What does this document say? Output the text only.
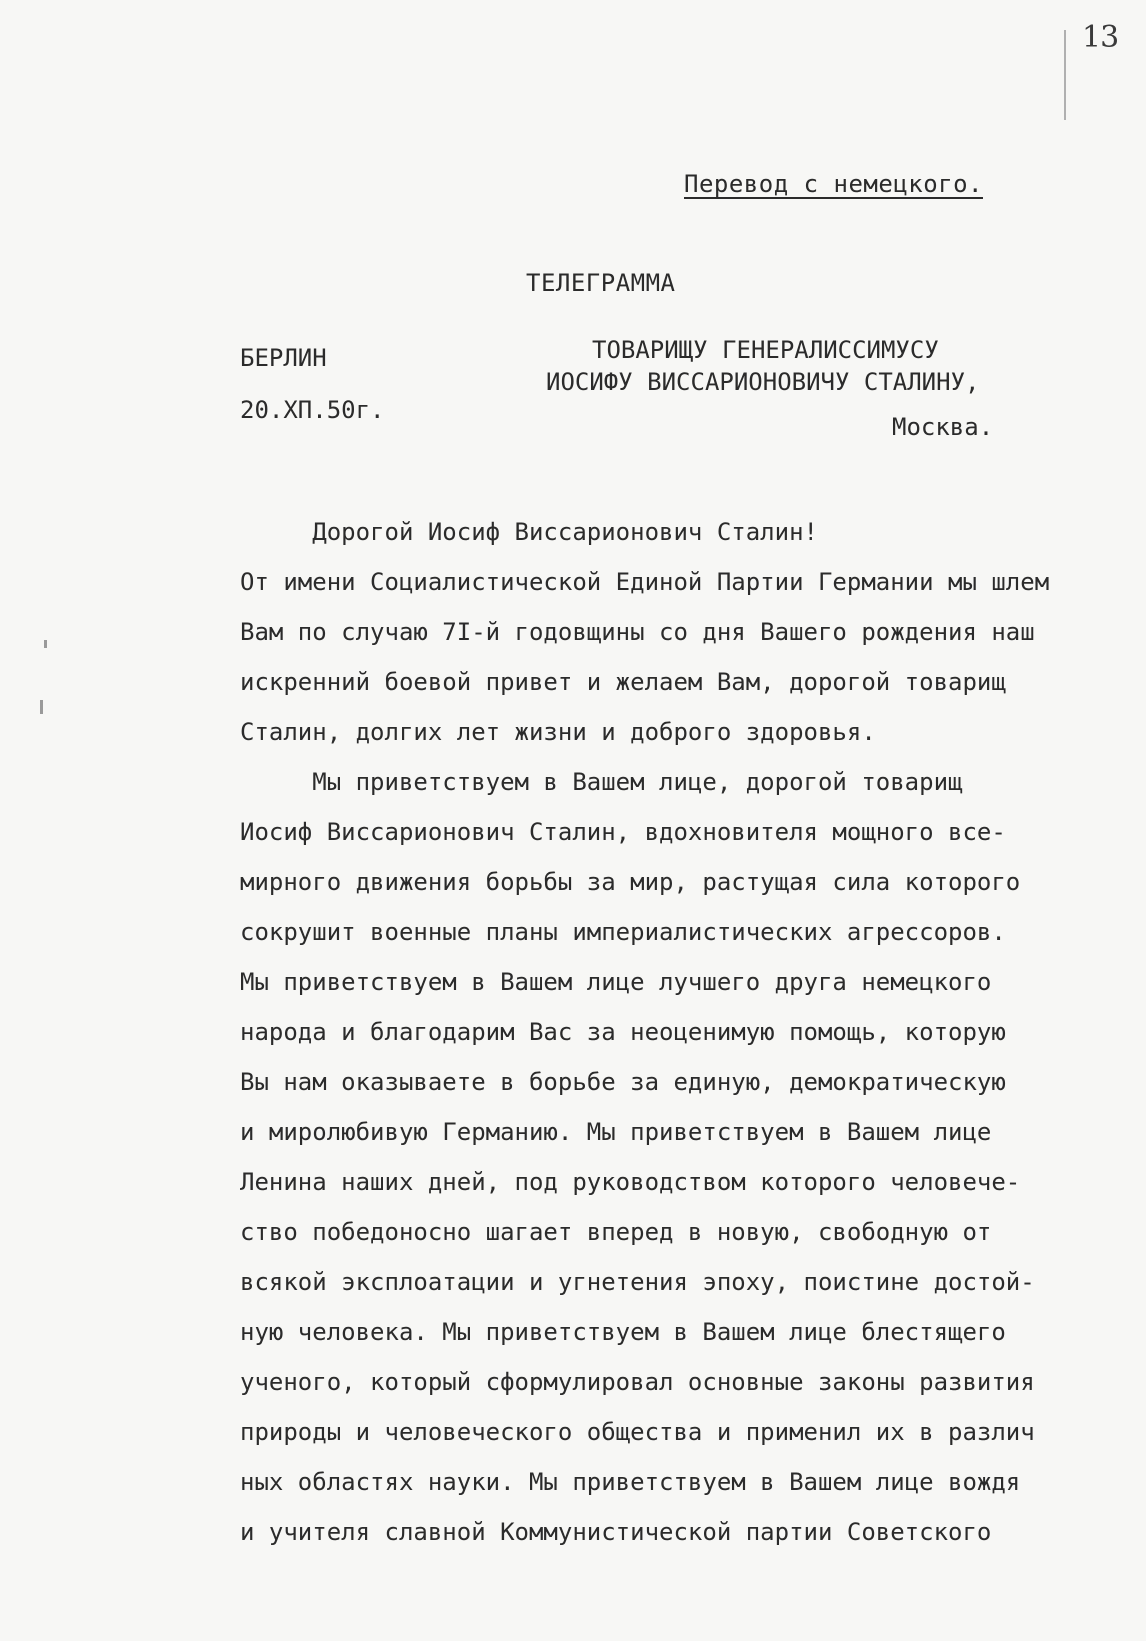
13
Перевод с немецкого.
ТЕЛЕГРАММА
БЕРЛИН
20.ХП.50г.
ТОВАРИЩУ ГЕНЕРАЛИССИМУСУ
ИОСИФУ ВИССАРИОНОВИЧУ СТАЛИНУ,
Москва.
Дорогой Иосиф Виссарионович Сталин!
От имени Социалистической Единой Партии Германии мы шлем
Вам по случаю 7I-й годовщины со дня Вашего рождения наш
искренний боевой привет и желаем Вам, дорогой товарищ
Сталин, долгих лет жизни и доброго здоровья.
Мы приветствуем в Вашем лице, дорогой товарищ
Иосиф Виссарионович Сталин, вдохновителя мощного все-
мирного движения борьбы за мир, растущая сила которого
сокрушит военные планы империалистических агрессоров.
Мы приветствуем в Вашем лице лучшего друга немецкого
народа и благодарим Вас за неоценимую помощь, которую
Вы нам оказываете в борьбе за единую, демократическую
и миролюбивую Германию. Мы приветствуем в Вашем лице
Ленина наших дней, под руководством которого человече-
ство победоносно шагает вперед в новую, свободную от
всякой эксплоатации и угнетения эпоху, поистине достой-
ную человека. Мы приветствуем в Вашем лице блестящего
ученого, который сформулировал основные законы развития
природы и человеческого общества и применил их в различ
ных областях науки. Мы приветствуем в Вашем лице вождя
и учителя славной Коммунистической партии Советского
